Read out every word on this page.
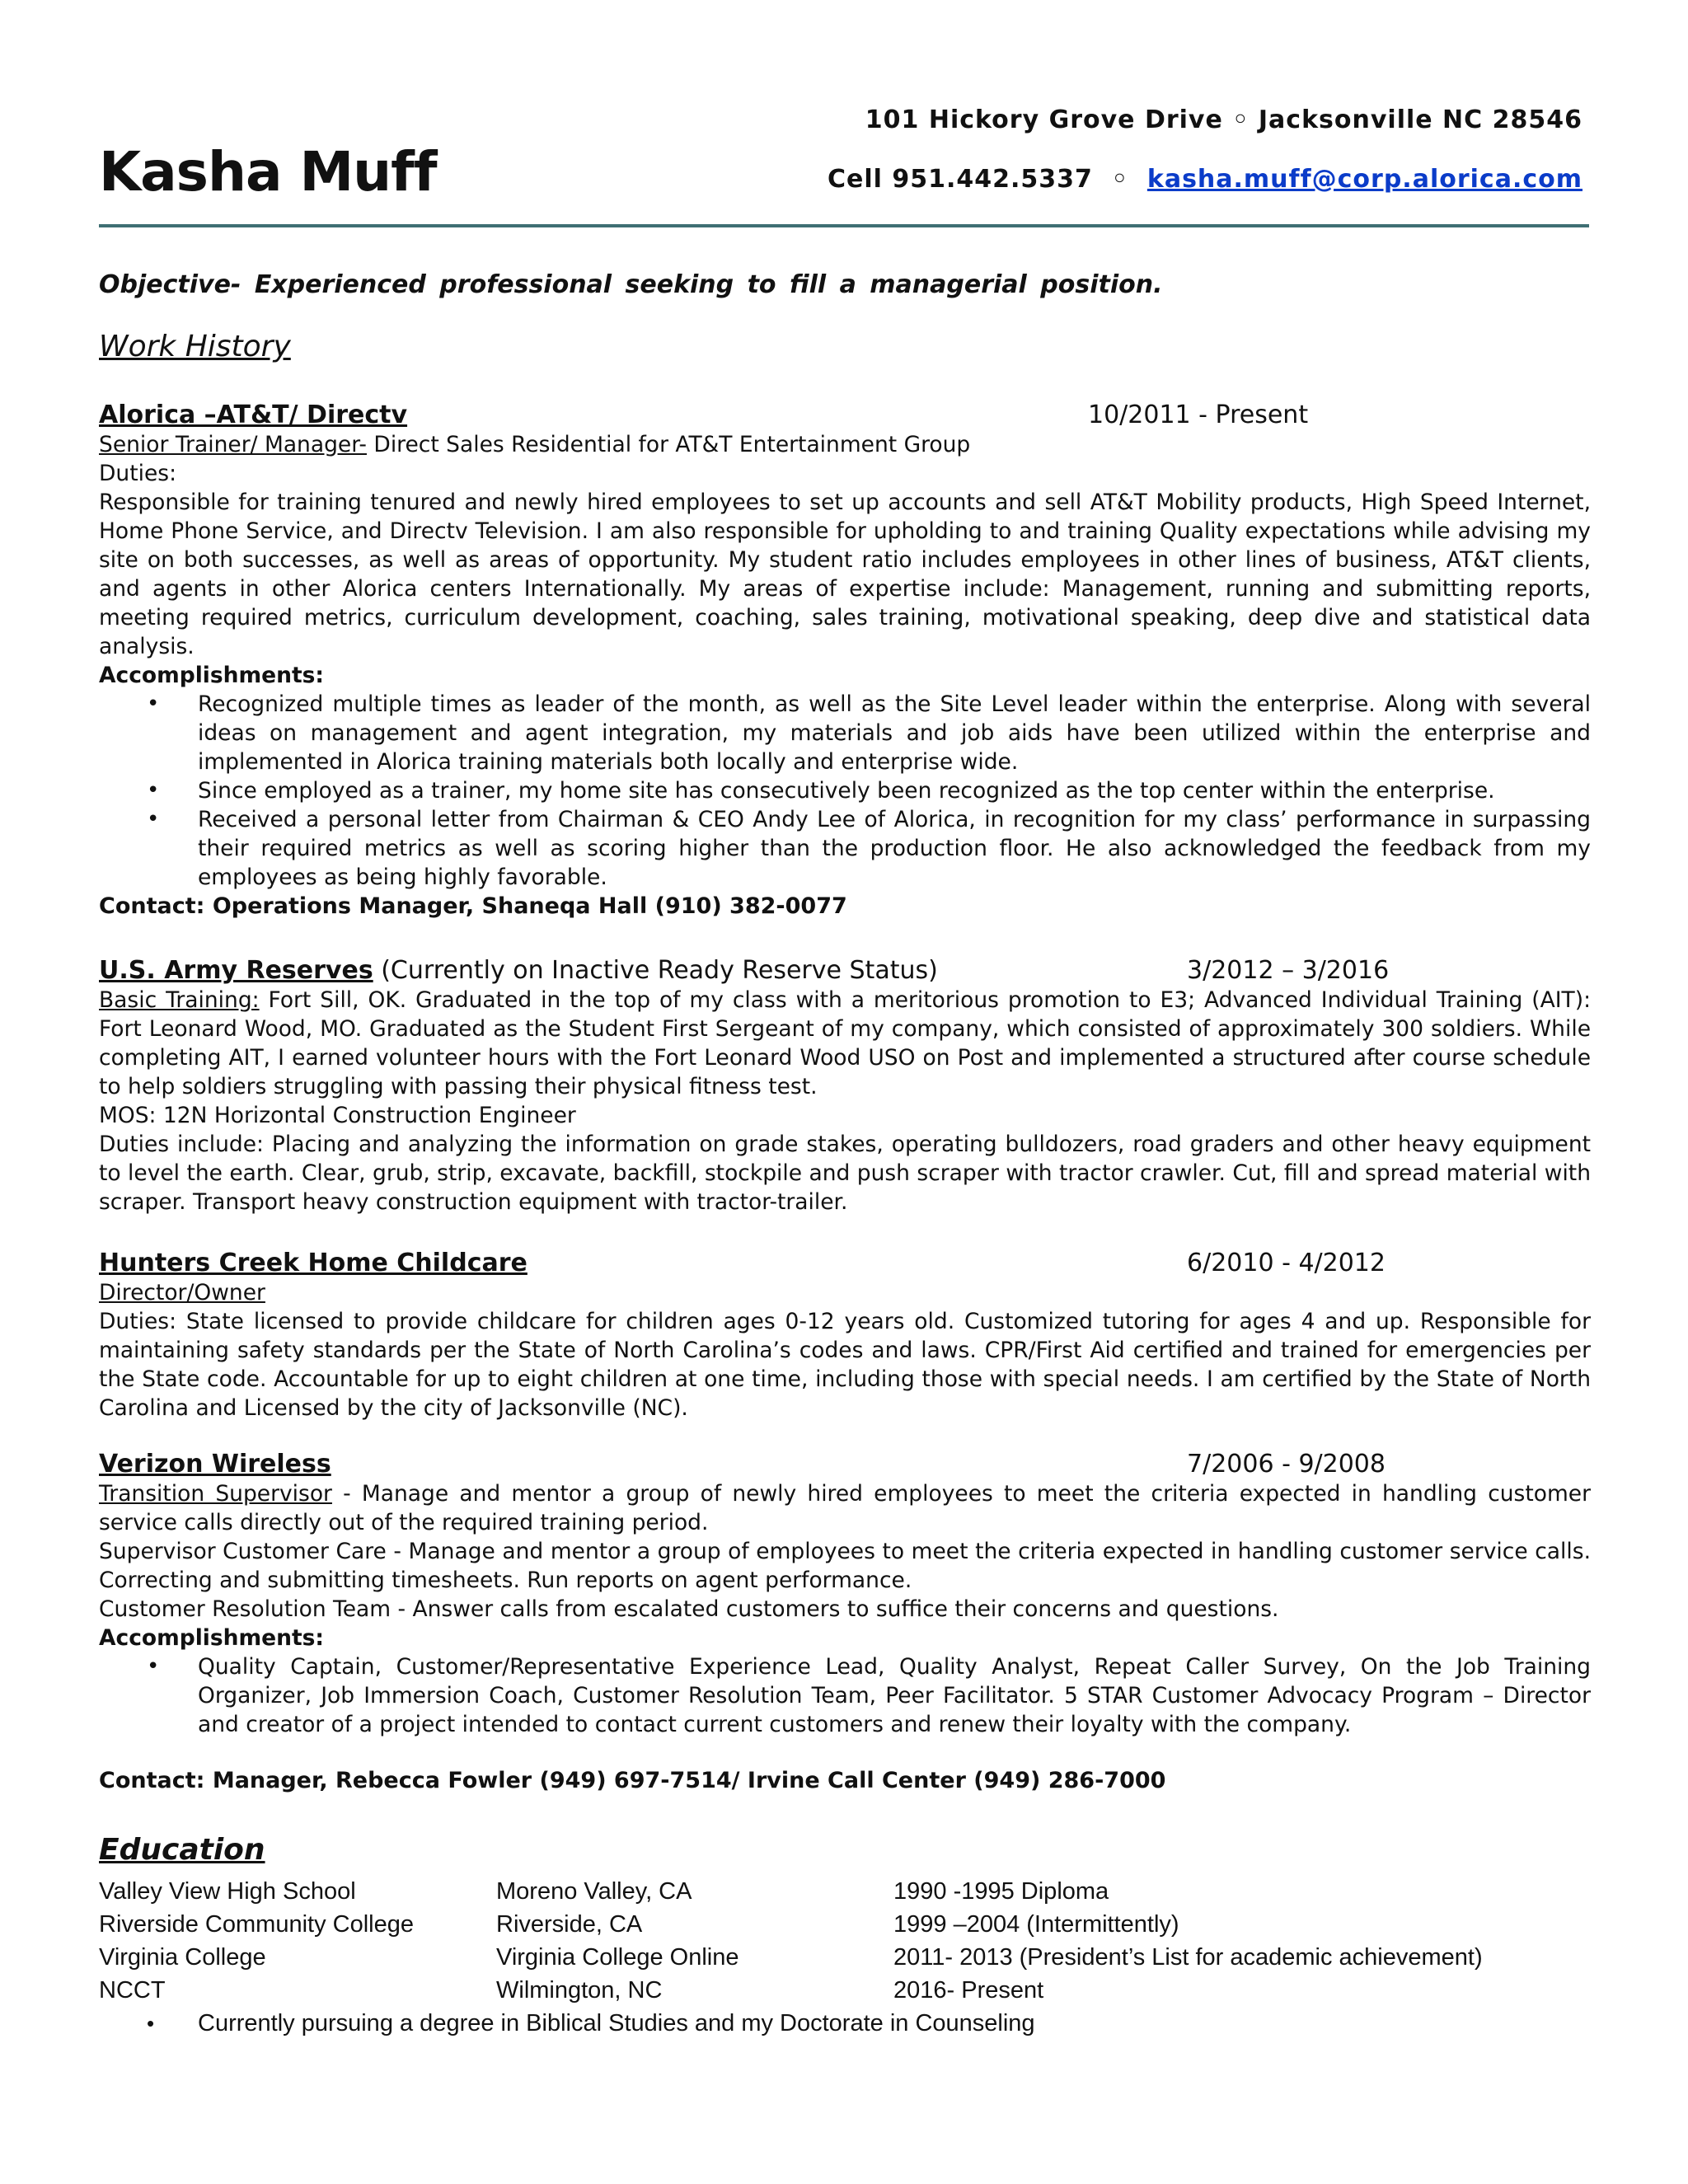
101 Hickory Grove Drive ◦ Jacksonville NC 28546
Kasha Muff	Cell 951.442.5337 ◦ kasha.muff@corp.alorica.com
Objective- Experienced professional seeking to fill a managerial position.
Work History
Alorica –AT&T/ Directv	10/2011 - Present

Senior Trainer/ Manager- Direct Sales Residential for AT&T Entertainment Group

Duties:

Responsible for training tenured and newly hired employees to set up accounts and sell AT&T Mobility products, High Speed Internet, Home Phone Service, and Directv Television. I am also responsible for upholding to and training Quality expectations while advising my site on both successes, as well as areas of opportunity. My student ratio includes employees in other lines of business, AT&T clients, and agents in other Alorica centers Internationally. My areas of expertise include: Management, running and submitting reports, meeting required metrics, curriculum development, coaching, sales training, motivational speaking, deep dive and statistical data analysis.

Accomplishments:

• Recognized multiple times as leader of the month, as well as the Site Level leader within the enterprise. Along with several ideas on management and agent integration, my materials and job aids have been utilized within the enterprise and implemented in Alorica training materials both locally and enterprise wide.
• Since employed as a trainer, my home site has consecutively been recognized as the top center within the enterprise.
• Received a personal letter from Chairman & CEO Andy Lee of Alorica, in recognition for my class’ performance in surpassing their required metrics as well as scoring higher than the production floor. He also acknowledged the feedback from my employees as being highly favorable.

Contact: Operations Manager, Shaneqa Hall (910) 382-0077

U.S. Army Reserves (Currently on Inactive Ready Reserve Status)	3/2012 – 3/2016

Basic Training: Fort Sill, OK. Graduated in the top of my class with a meritorious promotion to E3; Advanced Individual Training (AIT): Fort Leonard Wood, MO. Graduated as the Student First Sergeant of my company, which consisted of approximately 300 soldiers. While completing AIT, I earned volunteer hours with the Fort Leonard Wood USO on Post and implemented a structured after course schedule to help soldiers struggling with passing their physical fitness test.

MOS: 12N Horizontal Construction Engineer

Duties include: Placing and analyzing the information on grade stakes, operating bulldozers, road graders and other heavy equipment to level the earth. Clear, grub, strip, excavate, backfill, stockpile and push scraper with tractor crawler. Cut, fill and spread material with scraper. Transport heavy construction equipment with tractor-trailer.

Hunters Creek Home Childcare	6/2010 - 4/2012

Director/Owner

Duties: State licensed to provide childcare for children ages 0-12 years old. Customized tutoring for ages 4 and up. Responsible for maintaining safety standards per the State of North Carolina’s codes and laws. CPR/First Aid certified and trained for emergencies per the State code. Accountable for up to eight children at one time, including those with special needs. I am certified by the State of North Carolina and Licensed by the city of Jacksonville (NC).

Verizon Wireless	7/2006 - 9/2008

Transition Supervisor - Manage and mentor a group of newly hired employees to meet the criteria expected in handling customer service calls directly out of the required training period.

Supervisor Customer Care - Manage and mentor a group of employees to meet the criteria expected in handling customer service calls. Correcting and submitting timesheets. Run reports on agent performance.

Customer Resolution Team - Answer calls from escalated customers to suffice their concerns and questions.

Accomplishments:

• Quality Captain, Customer/Representative Experience Lead, Quality Analyst, Repeat Caller Survey, On the Job Training Organizer, Job Immersion Coach, Customer Resolution Team, Peer Facilitator. 5 STAR Customer Advocacy Program – Director and creator of a project intended to contact current customers and renew their loyalty with the company.

Contact: Manager, Rebecca Fowler (949) 697-7514/ Irvine Call Center (949) 286-7000

Education
Valley View High School	Moreno Valley, CA	1990 -1995 Diploma
Riverside Community College	Riverside, CA	1999 –2004 (Intermittently)
Virginia College	Virginia College Online	2011- 2013 (President’s List for academic achievement)
NCCT	Wilmington, NC	2016- Present
• Currently pursuing a degree in Biblical Studies and my Doctorate in Counseling
